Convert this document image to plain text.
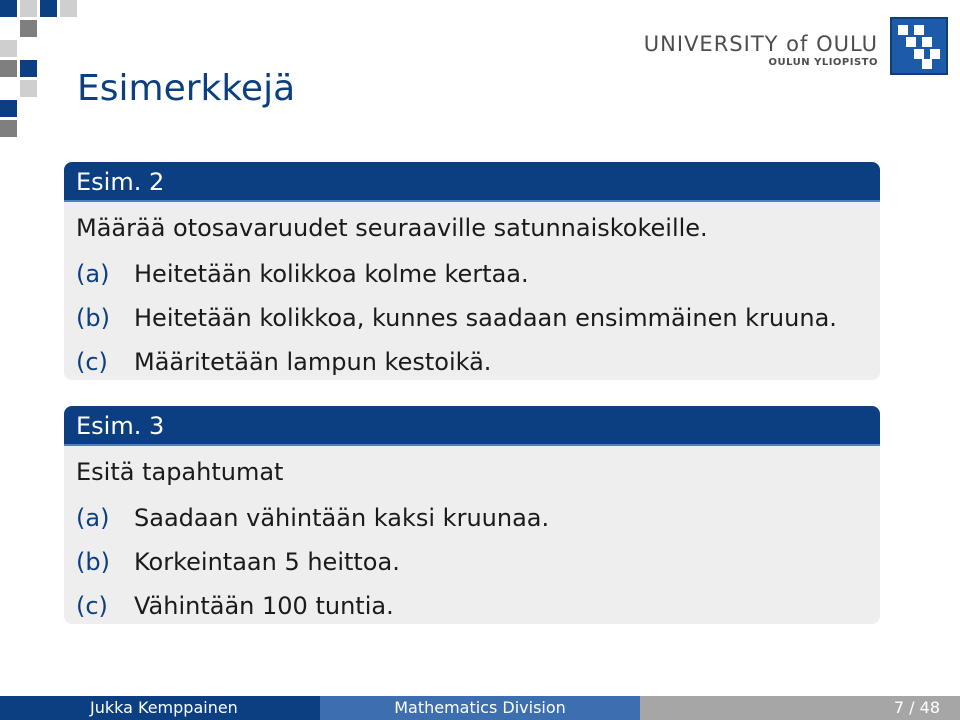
Esimerkkejä
UNIVERSITY of OULU
OULUN YLIOPISTO
Esim. 2
Määrää otosavaruudet seuraaville satunnaiskokeille.
(a) Heitetään kolikkoa kolme kertaa.
(b) Heitetään kolikkoa, kunnes saadaan ensimmäinen kruuna.
(c) Määritetään lampun kestoikä.
Esim. 3
Esitä tapahtumat
(a) Saadaan vähintään kaksi kruunaa.
(b) Korkeintaan 5 heittoa.
(c) Vähintään 100 tuntia.
Jukka Kemppainen	Mathematics Division	7 / 48
